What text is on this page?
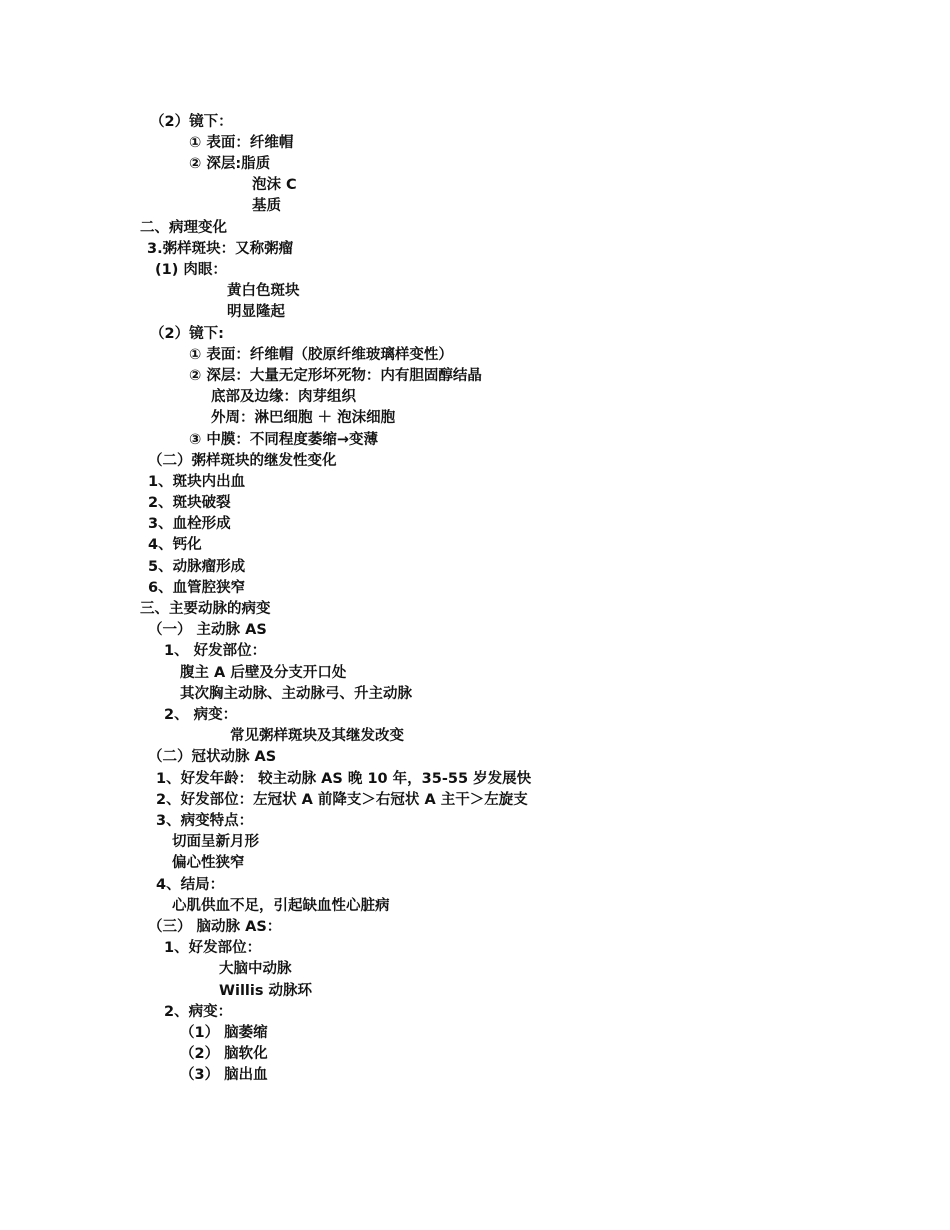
（2）镜下：
① 表面：纤维帽
② 深层:脂质
泡沫 C
基质
二、病理变化
3.粥样斑块：又称粥瘤
(1) 肉眼：
黄白色斑块
明显隆起
（2）镜下:
① 表面：纤维帽（胶原纤维玻璃样变性）
② 深层：大量无定形坏死物：内有胆固醇结晶
底部及边缘：肉芽组织
外周：淋巴细胞 ＋ 泡沫细胞
③ 中膜：不同程度萎缩→变薄
（二）粥样斑块的继发性变化
1、斑块内出血
2、斑块破裂
3、血栓形成
4、钙化
5、动脉瘤形成
6、血管腔狭窄
三、主要动脉的病变
（一） 主动脉 AS
1、 好发部位：
腹主 A 后壁及分支开口处
其次胸主动脉、主动脉弓、升主动脉
2、 病变：
常见粥样斑块及其继发改变
（二）冠状动脉 AS
1、好发年龄： 较主动脉 AS 晚 10 年，35-55 岁发展快
2、好发部位：左冠状 A 前降支＞右冠状 A 主干＞左旋支
3、病变特点：
切面呈新月形
偏心性狭窄
4、结局：
心肌供血不足，引起缺血性心脏病
（三） 脑动脉 AS：
1、好发部位：
大脑中动脉
Willis 动脉环
2、病变：
（1） 脑萎缩
（2） 脑软化
（3） 脑出血
